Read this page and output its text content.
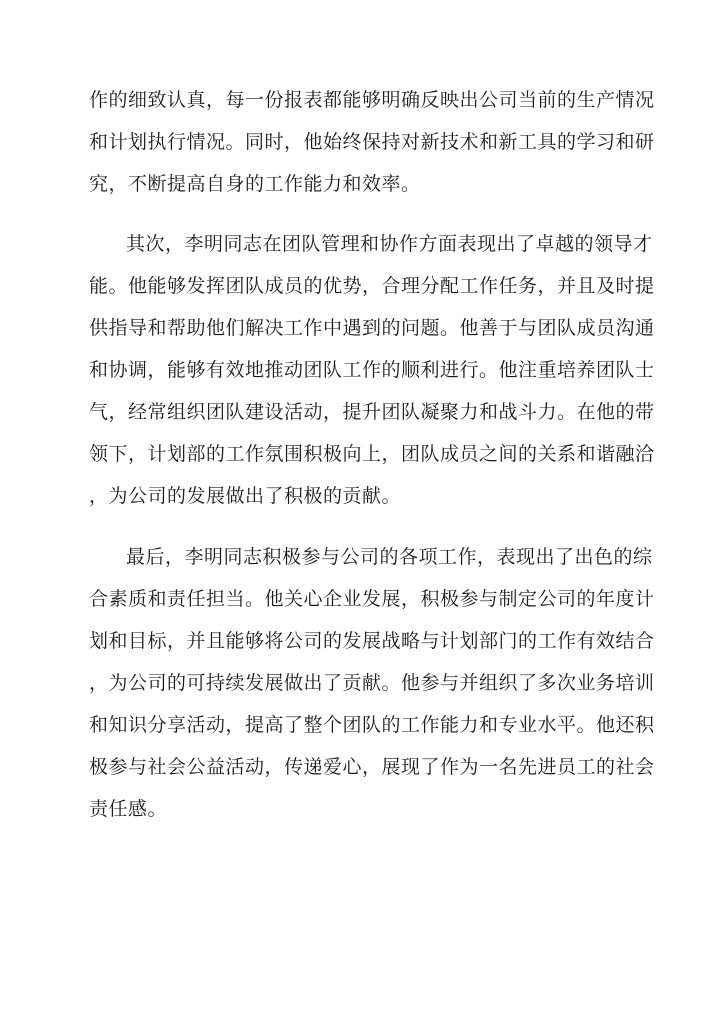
作的细致认真，每一份报表都能够明确反映出公司当前的生产情况
和计划执行情况。同时，他始终保持对新技术和新工具的学习和研
究，不断提高自身的工作能力和效率。
其次，李明同志在团队管理和协作方面表现出了卓越的领导才
能。他能够发挥团队成员的优势，合理分配工作任务，并且及时提
供指导和帮助他们解决工作中遇到的问题。他善于与团队成员沟通
和协调，能够有效地推动团队工作的顺利进行。他注重培养团队士
气，经常组织团队建设活动，提升团队凝聚力和战斗力。在他的带
领下，计划部的工作氛围积极向上，团队成员之间的关系和谐融洽
，为公司的发展做出了积极的贡献。
最后，李明同志积极参与公司的各项工作，表现出了出色的综
合素质和责任担当。他关心企业发展，积极参与制定公司的年度计
划和目标，并且能够将公司的发展战略与计划部门的工作有效结合
，为公司的可持续发展做出了贡献。他参与并组织了多次业务培训
和知识分享活动，提高了整个团队的工作能力和专业水平。他还积
极参与社会公益活动，传递爱心，展现了作为一名先进员工的社会
责任感。
